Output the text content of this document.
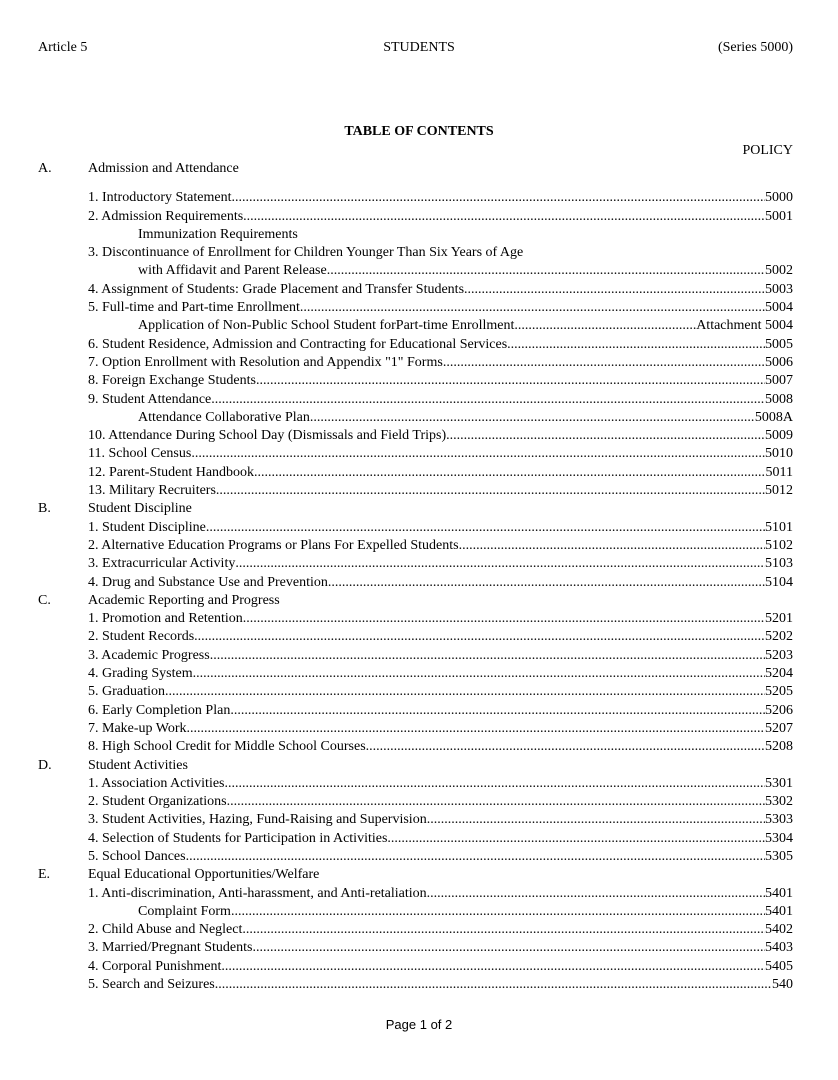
Article 5	STUDENTS	(Series 5000)
TABLE OF CONTENTS
POLICY
A.	Admission and Attendance
1. Introductory Statement .....	5000
2. Admission Requirements .....	5001
Immunization Requirements
3. Discontinuance of Enrollment for Children Younger Than Six Years of Age
with Affidavit and Parent Release .....	5002
4. Assignment of Students: Grade Placement and Transfer Students .....	5003
5. Full-time and Part-time Enrollment .....	5004
Application of Non-Public School Student forPart-time Enrollment .....	Attachment 5004
6. Student Residence, Admission and Contracting for Educational Services .....	5005
7. Option Enrollment with Resolution and Appendix "1" Forms .....	5006
8. Foreign Exchange Students .....	5007
9. Student Attendance .....	5008
Attendance Collaborative Plan .....	5008A
10. Attendance During School Day (Dismissals and Field Trips) .....	5009
11. School Census .....	5010
12. Parent-Student Handbook .....	5011
13. Military Recruiters .....	5012
B.	Student Discipline
1. Student Discipline .....	5101
2. Alternative Education Programs or Plans For Expelled Students .....	5102
3. Extracurricular Activity .....	5103
4. Drug and Substance Use and Prevention .....	5104
C.	Academic Reporting and Progress
1. Promotion and Retention .....	5201
2. Student Records .....	5202
3. Academic Progress .....	5203
4. Grading System .....	5204
5. Graduation .....	5205
6. Early Completion Plan .....	5206
7. Make-up Work .....	5207
8. High School Credit for Middle School Courses .....	5208
D.	Student Activities
1. Association Activities .....	5301
2. Student Organizations .....	5302
3. Student Activities, Hazing, Fund-Raising and Supervision .....	5303
4. Selection of Students for Participation in Activities .....	5304
5. School Dances .....	5305
E.	Equal Educational Opportunities/Welfare
1. Anti-discrimination, Anti-harassment, and Anti-retaliation .....	5401
Complaint Form .....	5401
2. Child Abuse and Neglect .....	5402
3. Married/Pregnant Students .....	5403
4. Corporal Punishment .....	5405
5. Search and Seizures .....	540
Page 1 of 2
